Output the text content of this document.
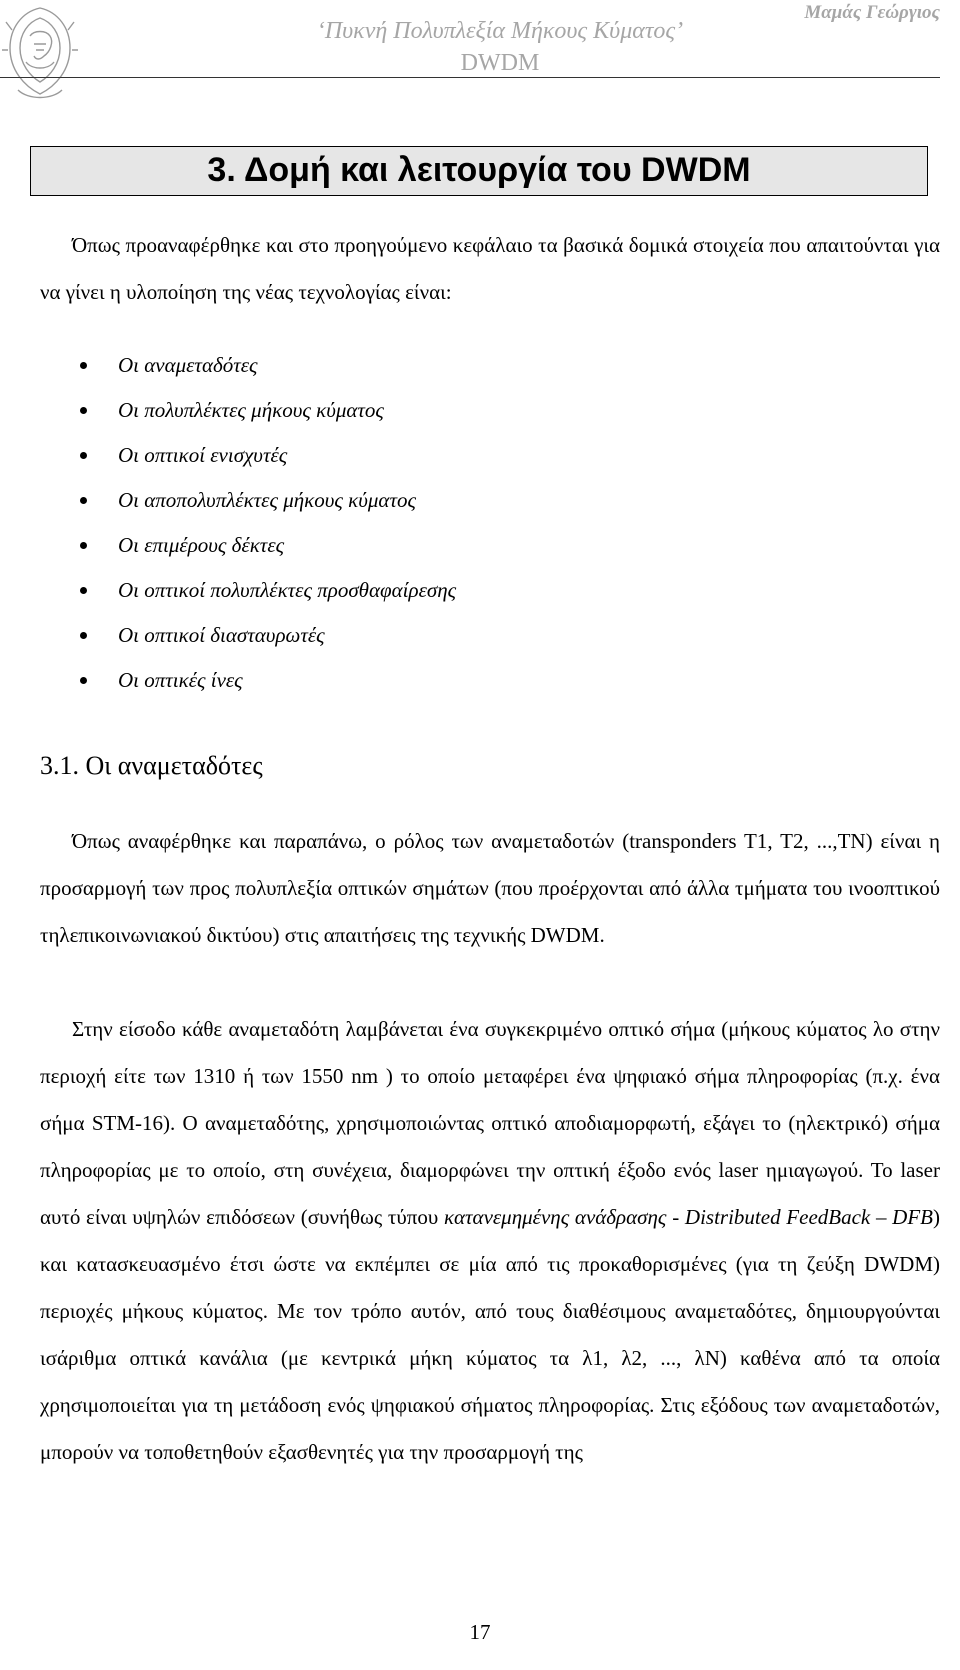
Μαμάς Γεώργιος
‘Πυκνή Πολυπλεξία Μήκους Κύματος’
DWDM
3. Δομή και λειτουργία του DWDM
Όπως προαναφέρθηκε και στο προηγούμενο κεφάλαιο τα βασικά δομικά στοιχεία που απαιτούνται για να γίνει η υλοποίηση της νέας τεχνολογίας είναι:
Οι αναμεταδότες
Οι πολυπλέκτες μήκους κύματος
Οι οπτικοί ενισχυτές
Οι αποπολυπλέκτες μήκους κύματος
Οι επιμέρους δέκτες
Οι οπτικοί πολυπλέκτες προσθαφαίρεσης
Οι οπτικοί διασταυρωτές
Οι οπτικές ίνες
3.1. Οι αναμεταδότες
Όπως αναφέρθηκε και παραπάνω, ο ρόλος των αναμεταδοτών (transponders T1, T2, ...,TN) είναι η προσαρμογή των προς πολυπλεξία οπτικών σημάτων (που προέρχονται από άλλα τμήματα του ινοοπτικού τηλεπικοινωνιακού δικτύου) στις απαιτήσεις της τεχνικής DWDM.
Στην είσοδο κάθε αναμεταδότη λαμβάνεται ένα συγκεκριμένο οπτικό σήμα (μήκους κύματος λο στην περιοχή είτε των 1310 ή των 1550 nm ) το οποίο μεταφέρει ένα ψηφιακό σήμα πληροφορίας (π.χ. ένα σήμα STM-16). Ο αναμεταδότης, χρησιμοποιώντας οπτικό αποδιαμορφωτή, εξάγει το (ηλεκτρικό) σήμα πληροφορίας με το οποίο, στη συνέχεια, διαμορφώνει την οπτική έξοδο ενός laser ημιαγωγού. Το laser αυτό είναι υψηλών επιδόσεων (συνήθως τύπου κατανεμημένης ανάδρασης - Distributed FeedBack – DFB) και κατασκευασμένο έτσι ώστε να εκπέμπει σε μία από τις προκαθορισμένες (για τη ζεύξη DWDM) περιοχές μήκους κύματος. Με τον τρόπο αυτόν, από τους διαθέσιμους αναμεταδότες, δημιουργούνται ισάριθμα οπτικά κανάλια (με κεντρικά μήκη κύματος τα λ1, λ2, ..., λN) καθένα από τα οποία χρησιμοποιείται για τη μετάδοση ενός ψηφιακού σήματος πληροφορίας. Στις εξόδους των αναμεταδοτών, μπορούν να τοποθετηθούν εξασθενητές για την προσαρμογή της
17
